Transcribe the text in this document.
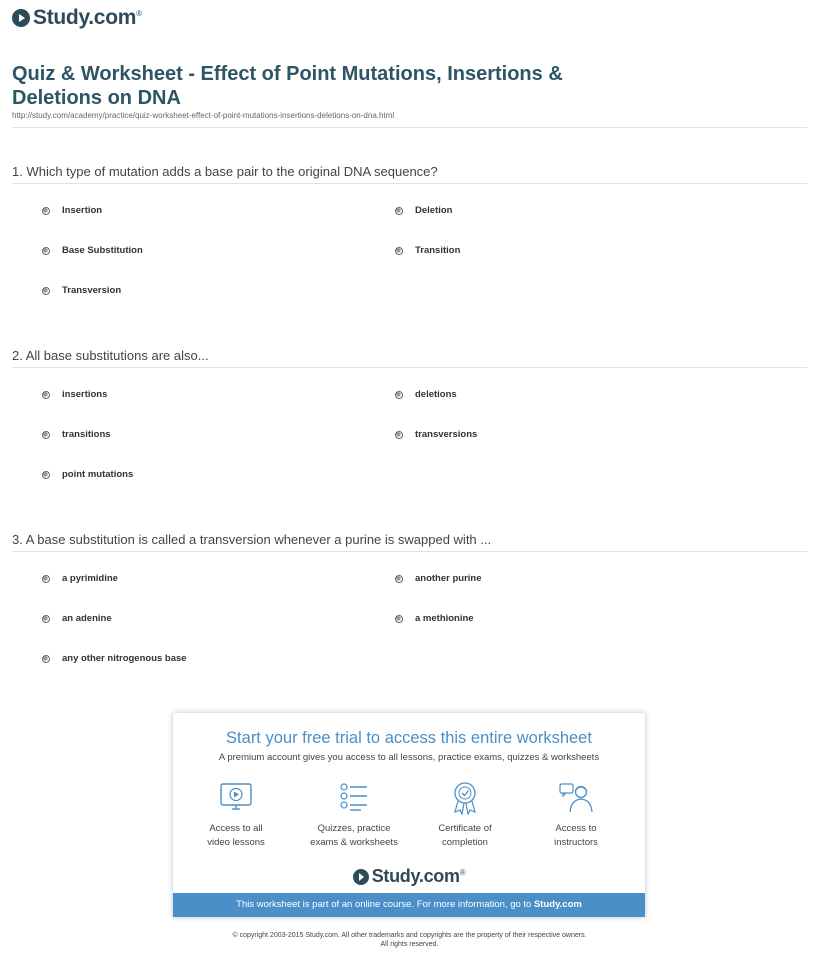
Study.com®
Quiz & Worksheet - Effect of Point Mutations, Insertions & Deletions on DNA
http://study.com/academy/practice/quiz-worksheet-effect-of-point-mutations-insertions-deletions-on-dna.html
1. Which type of mutation adds a base pair to the original DNA sequence?
Insertion	Deletion
Base Substitution	Transition
Transversion
2. All base substitutions are also...
insertions	deletions
transitions	transversions
point mutations
3. A base substitution is called a transversion whenever a purine is swapped with ...
a pyrimidine	another purine
an adenine	a methionine
any other nitrogenous base
Start your free trial to access this entire worksheet
A premium account gives you access to all lessons, practice exams, quizzes & worksheets
Access to all
video lessons
Quizzes, practice
exams & worksheets
Certificate of
completion
Access to
instructors
Study.com®
This worksheet is part of an online course. For more information, go to Study.com
© copyright 2003-2015 Study.com. All other trademarks and copyrights are the property of their respective owners.
All rights reserved.
